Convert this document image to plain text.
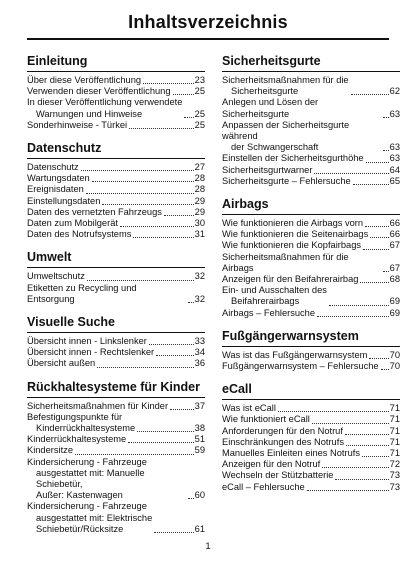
Inhaltsverzeichnis
Einleitung
Über diese Veröffentlichung	23
Verwenden dieser Veröffentlichung	25
In dieser Veröffentlichung verwendete
Warnungen und Hinweise	25
Sonderhinweise - Türkei	25
Datenschutz
Datenschutz	27
Wartungsdaten	28
Ereignisdaten	28
Einstellungsdaten	29
Daten des vernetzten Fahrzeugs	29
Daten zum Mobilgerät	30
Daten des Notrufsystems	31
Umwelt
Umweltschutz	32
Etiketten zu Recycling und Entsorgung	32
Visuelle Suche
Übersicht innen - Linkslenker	33
Übersicht innen - Rechtslenker	34
Übersicht außen	36
Rückhaltesysteme für Kinder
Sicherheitsmaßnahmen für Kinder	37
Befestigungspunkte für
Kinderrückhaltesysteme	38
Kinderrückhaltesysteme	51
Kindersitze	59
Kindersicherung - Fahrzeuge
ausgestattet mit: Manuelle Schiebetür,
Außer: Kastenwagen	60
Kindersicherung - Fahrzeuge
ausgestattet mit: Elektrische
Schiebetür/Rücksitze	61
Sicherheitsgurte
Sicherheitsmaßnahmen für die
Sicherheitsgurte	62
Anlegen und Lösen der Sicherheitsgurte	63
Anpassen der Sicherheitsgurte während
der Schwangerschaft	63
Einstellen der Sicherheitsgurthöhe	63
Sicherheitsgurtwarner	64
Sicherheitsgurte – Fehlersuche	65
Airbags
Wie funktionieren die Airbags vorn	66
Wie funktionieren die Seitenairbags 66
Wie funktionieren die Kopfairbags	67
Sicherheitsmaßnahmen für die Airbags	67
Anzeigen für den Beifahrerairbag	68
Ein- und Ausschalten des
Beifahrerairbags	69
Airbags – Fehlersuche	69
Fußgängerwarnsystem
Was ist das Fußgängerwarnsystem 70
Fußgängerwarnsystem – Fehlersuche 70
eCall
Was ist eCall	71
Wie funktioniert eCall	71
Anforderungen für den Notruf	71
Einschränkungen des Notrufs	71
Manuelles Einleiten eines Notrufs	71
Anzeigen für den Notruf	72
Wechseln der Stützbatterie	73
eCall – Fehlersuche	73
1
